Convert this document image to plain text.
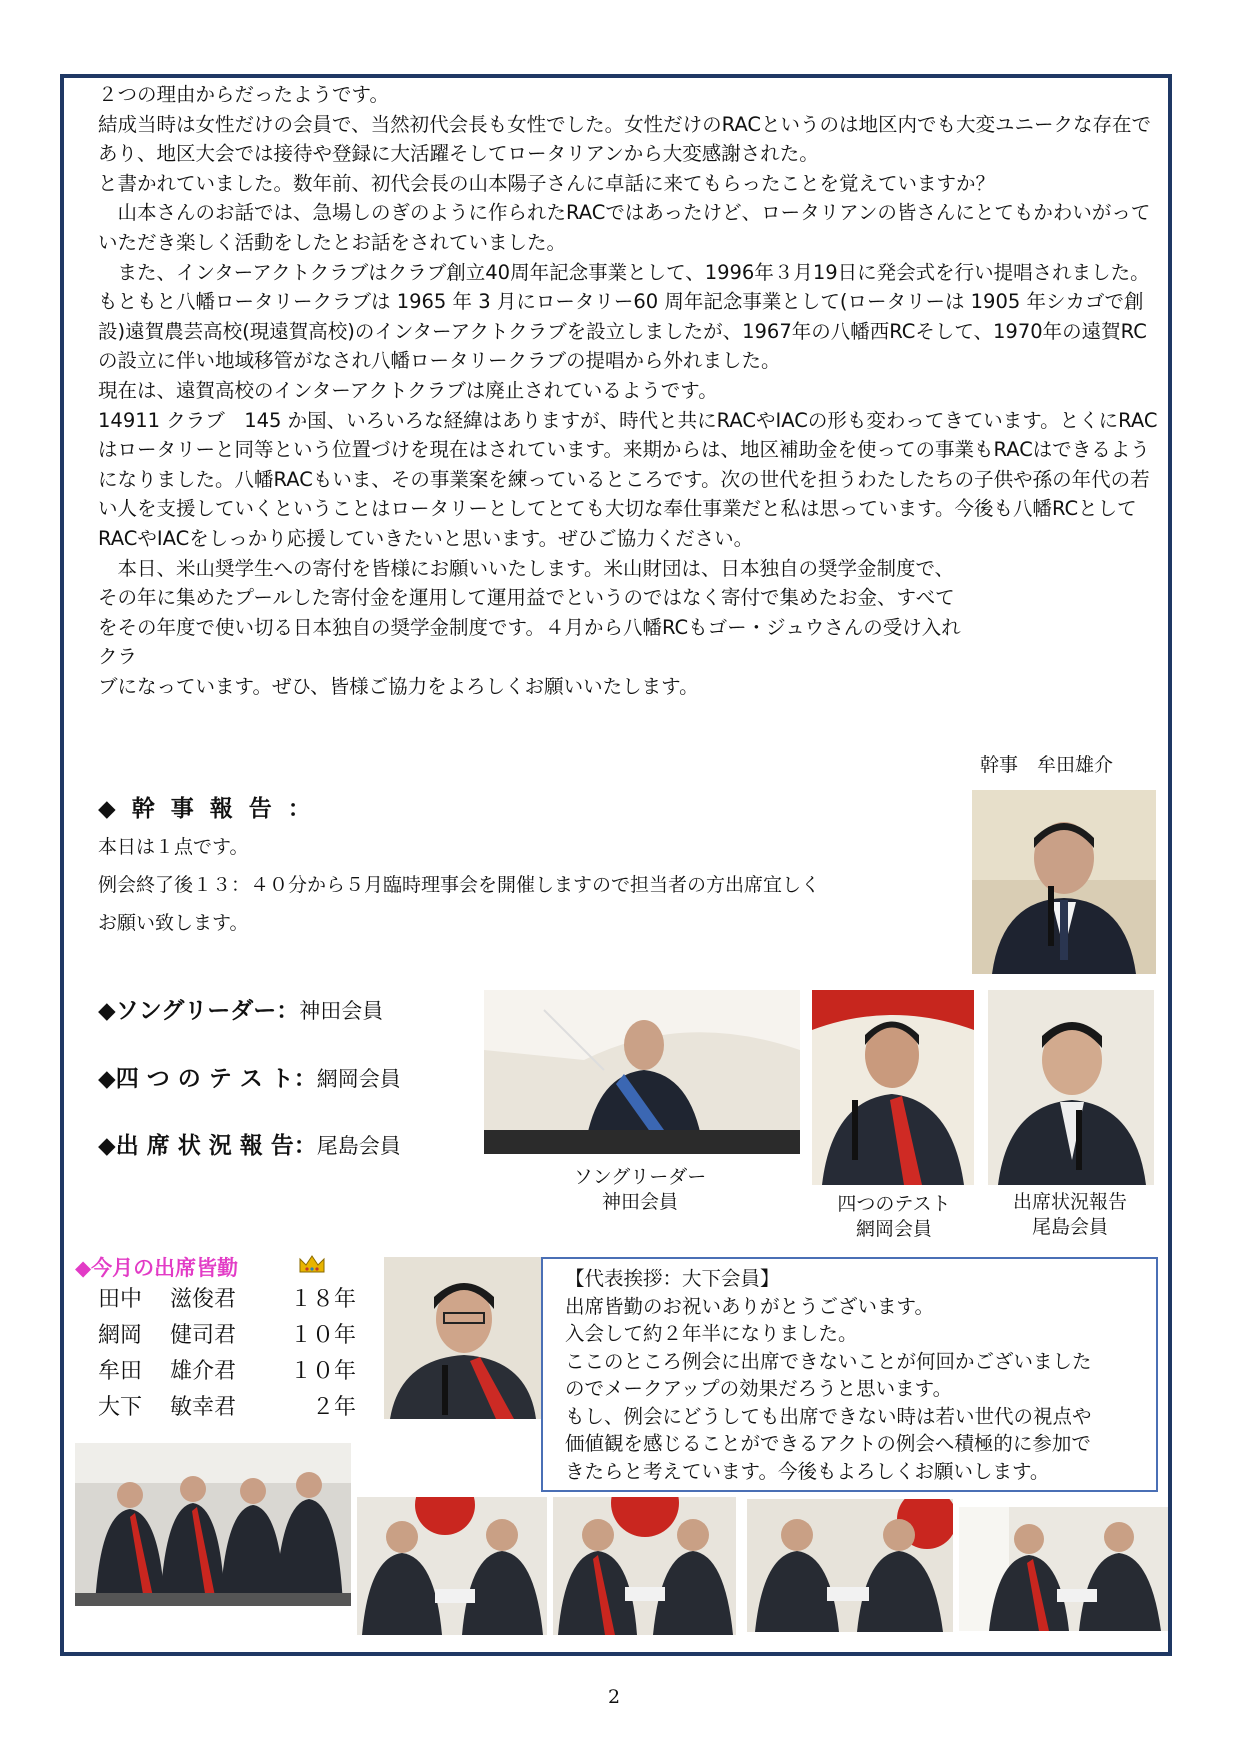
２つの理由からだったようです。

結成当時は女性だけの会員で、当然初代会長も女性でした。女性だけのRACというのは地区内でも大変ユニークな存在であり、地区大会では接待や登録に大活躍そしてロータリアンから大変感謝された。

と書かれていました。数年前、初代会長の山本陽子さんに卓話に来てもらったことを覚えていますか？

　山本さんのお話では、急場しのぎのように作られたRACではあったけど、ロータリアンの皆さんにとてもかわいがっていただき楽しく活動をしたとお話をされていました。

　また、インターアクトクラブはクラブ創立40周年記念事業として、1996年３月19日に発会式を行い提唱されました。

もともと八幡ロータリークラブは 1965 年 3 月にロータリー60 周年記念事業として(ロータリーは 1905 年シカゴで創設)遠賀農芸高校(現遠賀高校)のインターアクトクラブを設立しましたが、1967年の八幡西RCそして、1970年の遠賀RCの設立に伴い地域移管がなされ八幡ロータリークラブの提唱から外れました。

現在は、遠賀高校のインターアクトクラブは廃止されているようです。

14911 クラブ　145 か国、いろいろな経緯はありますが、時代と共にRACやIACの形も変わってきています。とくにRACはロータリーと同等という位置づけを現在はされています。来期からは、地区補助金を使っての事業もRACはできるようになりました。八幡RACもいま、その事業案を練っているところです。次の世代を担うわたしたちの子供や孫の年代の若い人を支援していくということはロータリーとしてとても大切な奉仕事業だと私は思っています。今後も八幡RCとしてRACやIACをしっかり応援していきたいと思います。ぜひご協力ください。

　本日、米山奨学生への寄付を皆様にお願いいたします。米山財団は、日本独自の奨学金制度で、その年に集めたプールした寄付金を運用して運用益でというのではなく寄付で集めたお金、すべてをその年度で使い切る日本独自の奨学金制度です。４月から八幡RCもゴー・ジュウさんの受け入れクラ

ブになっています。ぜひ、皆様ご協力をよろしくお願いいたします。

幹事　牟田雄介
◆幹事報告：
本日は１点です。
例会終了後１３：４０分から５月臨時理事会を開催しますので担当者の方出席宜しく
お願い致します。
◆ソングリーダー：神田会員
◆四 つ の テ ス ト：網岡会員
◆出 席 状 況 報 告：尾島会員
ソングリーダー
神田会員	四つのテスト
網岡会員
出席状況報告
尾島会員
◆今月の出席皆勤
田中	滋俊君	１８年
網岡	健司君	１０年
牟田	雄介君	１０年
大下	敏幸君	２年

【代表挨拶：大下会員】

出席皆勤のお祝いありがとうございます。

入会して約２年半になりました。

ここのところ例会に出席できないことが何回かございました

のでメークアップの効果だろうと思います。

もし、例会にどうしても出席できない時は若い世代の視点や

価値観を感じることができるアクトの例会へ積極的に参加で

きたらと考えています。今後もよろしくお願いします。

2
